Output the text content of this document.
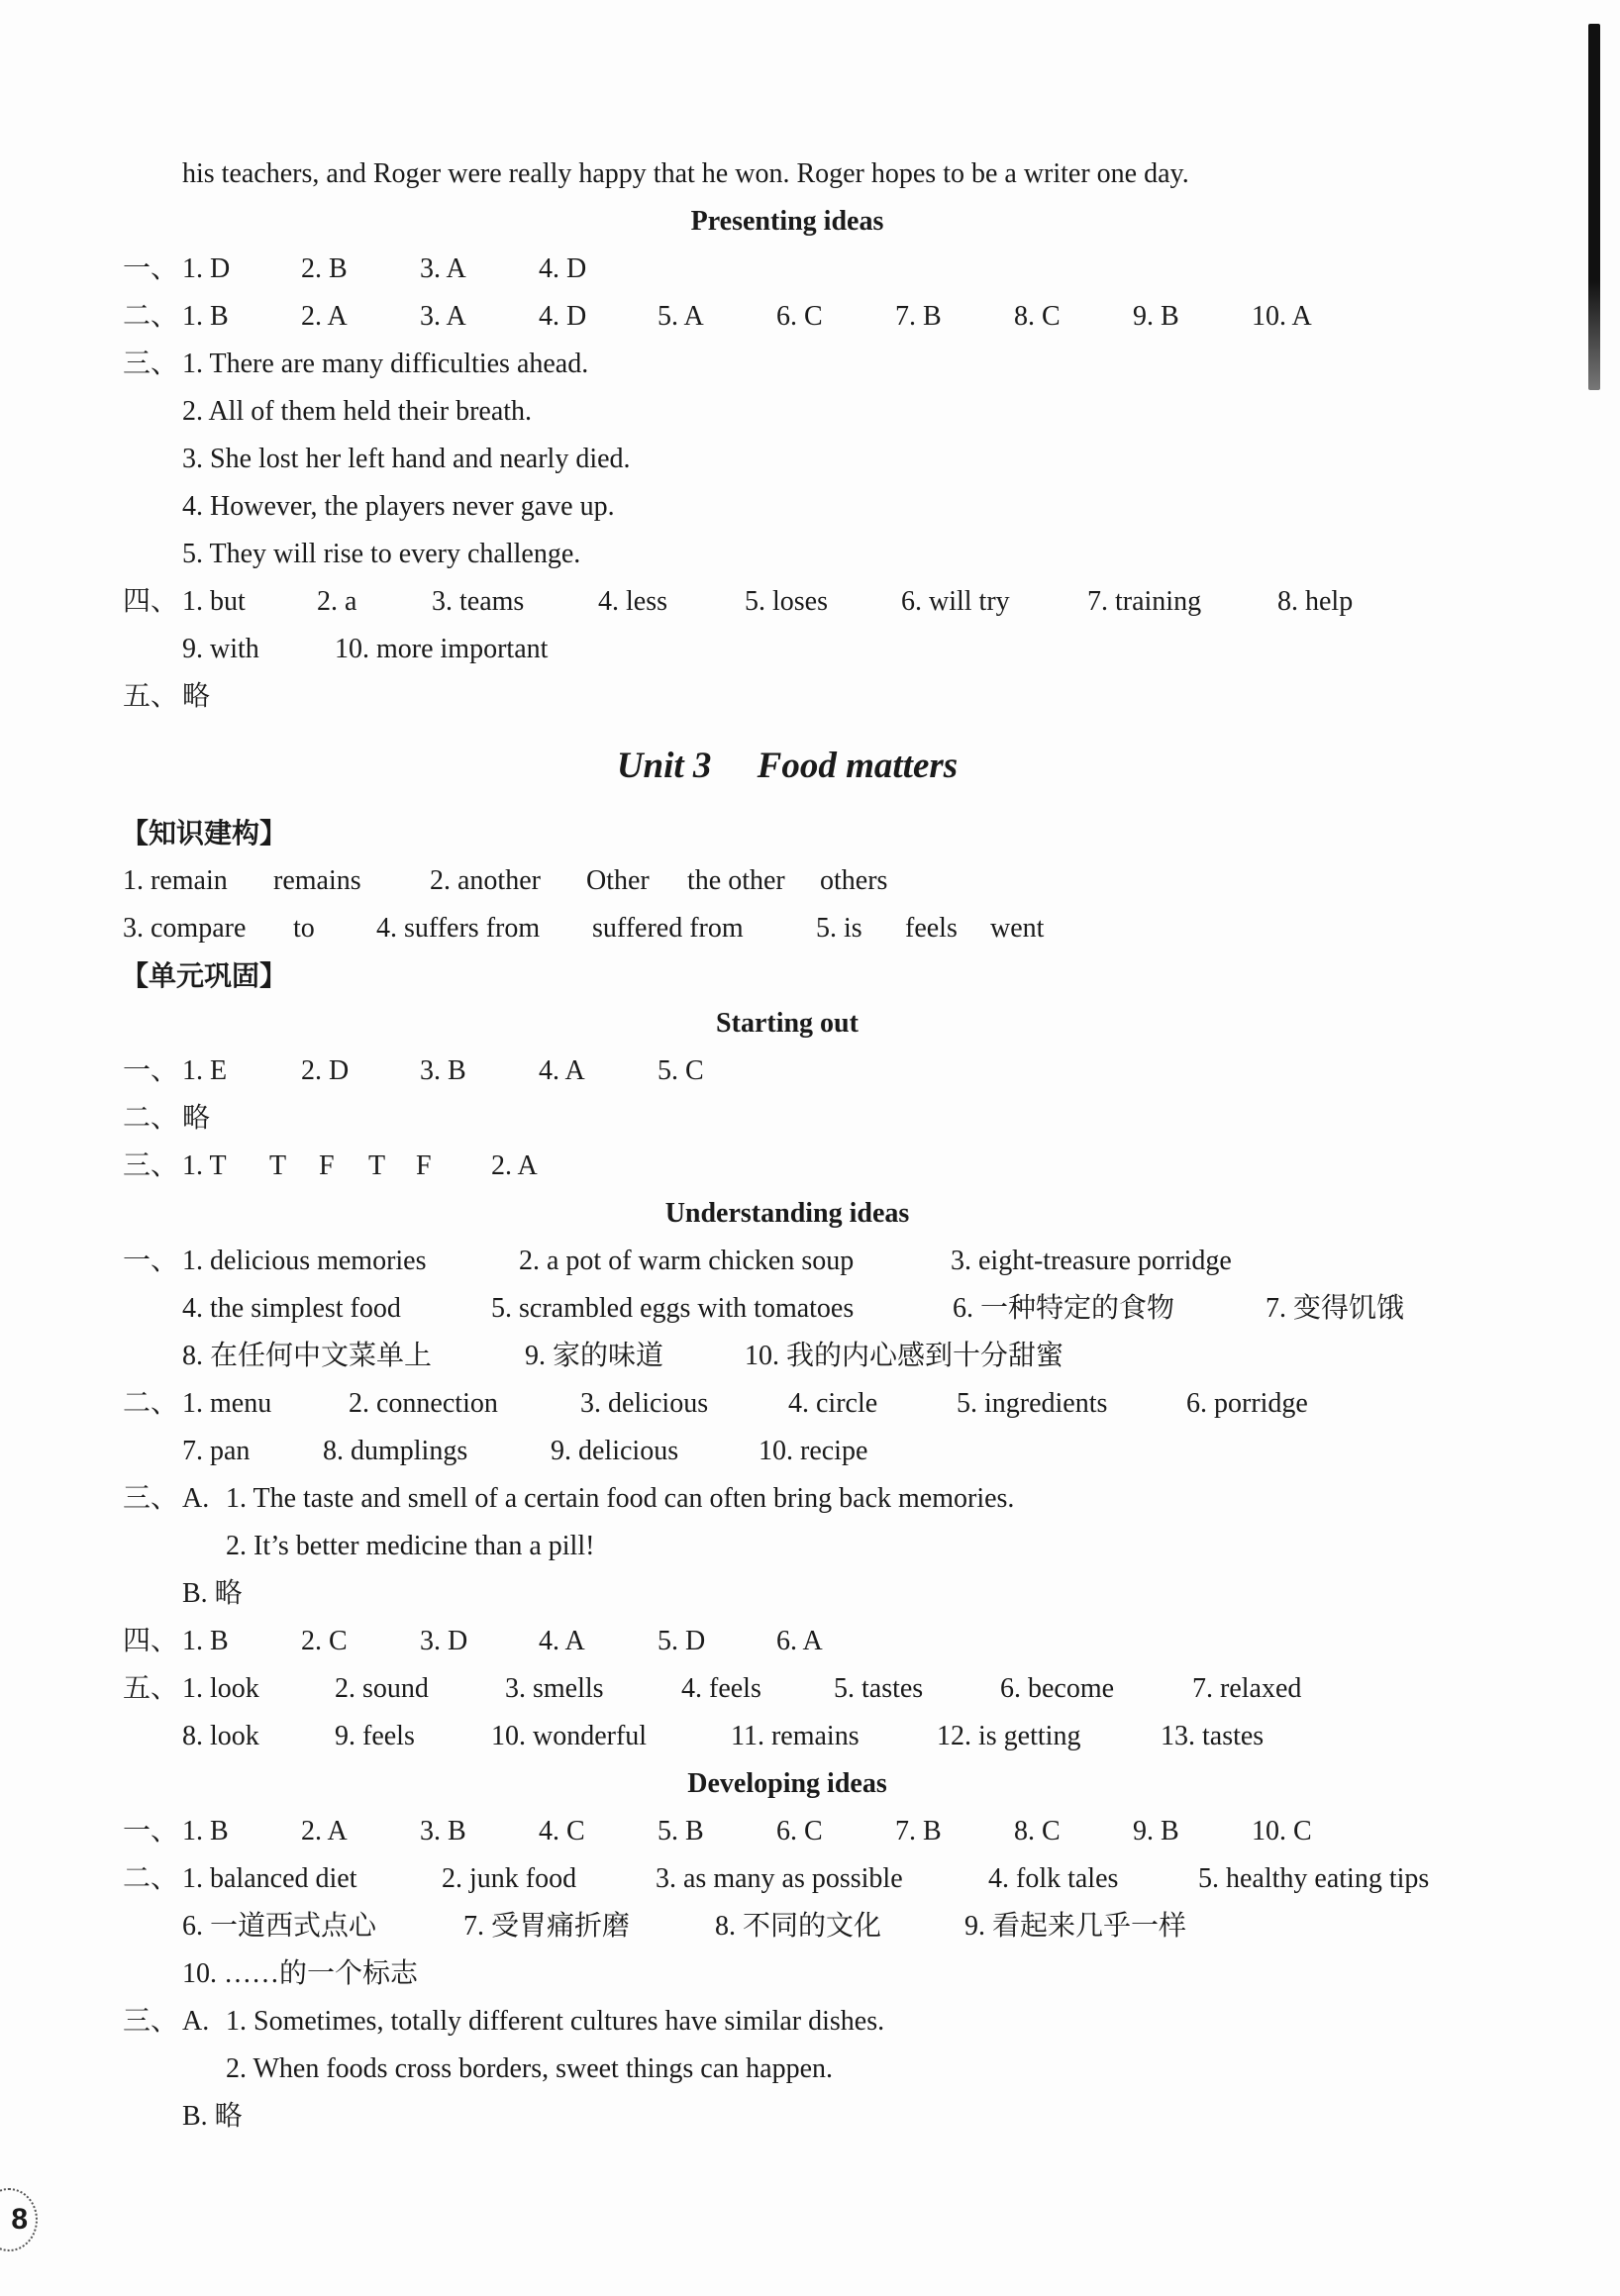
his teachers, and Roger were really happy that he won. Roger hopes to be a writer one day.
Presenting ideas
一、 1. D	2. B	3. A	4. D
二、 1. B	2. A	3. A	4. D	5. A	6. C	7. B	8. C	9. B	10. A
三、 1. There are many difficulties ahead.
2. All of them held their breath.
3. She lost her left hand and nearly died.
4. However, the players never gave up.
5. They will rise to every challenge.
四、 1. but	2. a	3. teams	4. less	5. loses	6. will try	7. training	8. help
9. with	10. more important
五、 略
Unit 3 Food matters
【知识建构】
1. remain remains 2. another Other the other others
3. compare to 4. suffers from suffered from	5. is feels went
【单元巩固】
Starting out
一、 1. E	2. D	3. B	4. A	5. C
二、 略
三、 1. T T F T F 2. A
Understanding ideas
一、 1. delicious memories	2. a pot of warm chicken soup	3. eight-treasure porridge
4. the simplest food	5. scrambled eggs with tomatoes	6. 一种特定的食物	7. 变得饥饿
8. 在任何中文菜单上	9. 家的味道	10. 我的内心感到十分甜蜜
二、 1. menu	2. connection	3. delicious	4. circle	5. ingredients	6. porridge
7. pan	8. dumplings	9. delicious	10. recipe
三、 A. 1. The taste and smell of a certain food can often bring back memories.
2. It’s better medicine than a pill!
B. 略
四、 1. B	2. C	3. D	4. A	5. D	6. A
五、 1. look	2. sound	3. smells	4. feels	5. tastes	6. become	7. relaxed
8. look	9. feels	10. wonderful	11. remains	12. is getting	13. tastes
Developing ideas
一、 1. B	2. A	3. B	4. C	5. B	6. C	7. B	8. C	9. B	10. C
二、 1. balanced diet	2. junk food	3. as many as possible	4. folk tales	5. healthy eating tips
6. 一道西式点心	7. 受胃痛折磨	8. 不同的文化	9. 看起来几乎一样
10. ……的一个标志
三、 A. 1. Sometimes, totally different cultures have similar dishes.
2. When foods cross borders, sweet things can happen.
B. 略
8
